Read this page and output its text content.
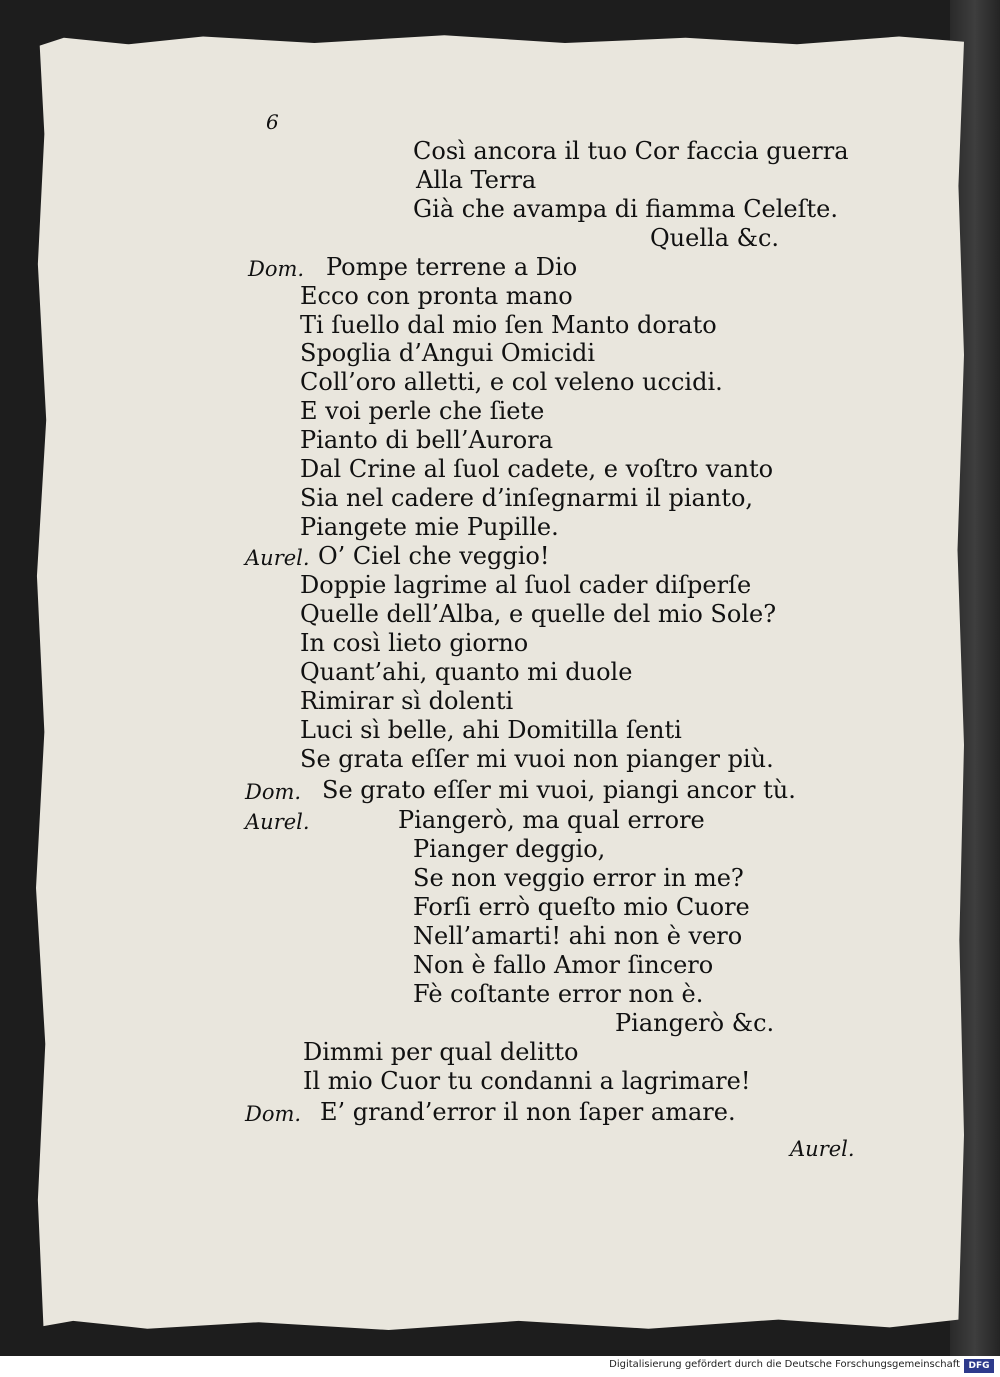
6
Così ancora il tuo Cor faccia guerra
Alla Terra
Già che avampa di fiamma Celeſte.
Quella &c.
Dom. Pompe terrene a Dio
Ecco con pronta mano
Ti ſuello dal mio ſen Manto dorato
Spoglia d’Angui Omicidi
Coll’oro alletti, e col veleno uccidi.
E voi perle che ſiete
Pianto di bell’Aurora
Dal Crine al ſuol cadete, e voſtro vanto
Sia nel cadere d’inſegnarmi il pianto,
Piangete mie Pupille.
Aurel. O’ Ciel che veggio!
Doppie lagrime al ſuol cader diſperſe
Quelle dell’Alba, e quelle del mio Sole?
In così lieto giorno
Quant’ahi, quanto mi duole
Rimirar sì dolenti
Luci sì belle, ahi Domitilla ſenti
Se grata eſſer mi vuoi non pianger più.
Dom. Se grato eſſer mi vuoi, piangi ancor tù.
Aurel.	Piangerò, ma qual errore
Pianger deggio,
Se non veggio error in me?
Forſi errò queſto mio Cuore
Nell’amarti! ahi non è vero
Non è fallo Amor ſincero
Fè coſtante error non è.
Piangerò &c.
Dimmi per qual delitto
Il mio Cuor tu condanni a lagrimare!
Dom. E’ grand’error il non ſaper amare.
Aurel.
Digitalisierung gefördert durch die Deutsche Forschungsgemeinschaft DFG
